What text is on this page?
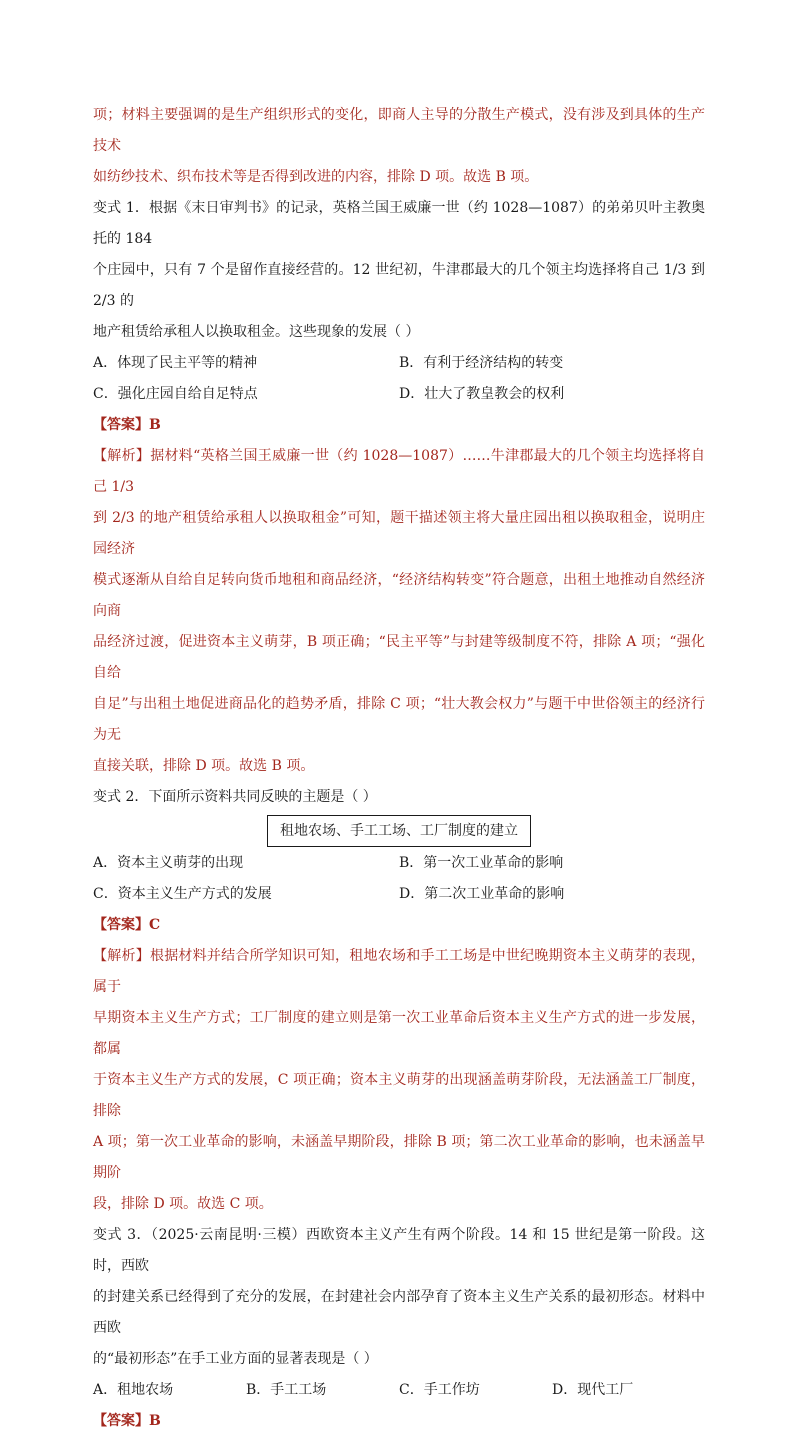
项；材料主要强调的是生产组织形式的变化，即商人主导的分散生产模式，没有涉及到具体的生产技术

如纺纱技术、织布技术等是否得到改进的内容，排除 D 项。故选 B 项。

变式 1．根据《末日审判书》的记录，英格兰国王威廉一世（约 1028—1087）的弟弟贝叶主教奥托的 184

个庄园中，只有 7 个是留作直接经营的。12 世纪初，牛津郡最大的几个领主均选择将自己 1/3 到 2/3 的

地产租赁给承租人以换取租金。这些现象的发展（ ）

A．体现了民主平等的精神	B．有利于经济结构的转变
C．强化庄园自给自足特点	D．壮大了教皇教会的权利

【答案】B

【解析】据材料“英格兰国王威廉一世（约 1028—1087）……牛津郡最大的几个领主均选择将自己 1/3

到 2/3 的地产租赁给承租人以换取租金”可知，题干描述领主将大量庄园出租以换取租金，说明庄园经济

模式逐渐从自给自足转向货币地租和商品经济，“经济结构转变”符合题意，出租土地推动自然经济向商

品经济过渡，促进资本主义萌芽，B 项正确；“民主平等”与封建等级制度不符，排除 A 项；“强化自给

自足”与出租土地促进商品化的趋势矛盾，排除 C 项；“壮大教会权力”与题干中世俗领主的经济行为无

直接关联，排除 D 项。故选 B 项。

变式 2．下面所示资料共同反映的主题是（ ）

租地农场、手工工场、工厂制度的建立
A．资本主义萌芽的出现	B．第一次工业革命的影响
C．资本主义生产方式的发展	D．第二次工业革命的影响

【答案】C

【解析】根据材料并结合所学知识可知，租地农场和手工工场是中世纪晚期资本主义萌芽的表现，属于

早期资本主义生产方式；工厂制度的建立则是第一次工业革命后资本主义生产方式的进一步发展，都属

于资本主义生产方式的发展，C 项正确；资本主义萌芽的出现涵盖萌芽阶段，无法涵盖工厂制度，排除

A 项；第一次工业革命的影响，未涵盖早期阶段，排除 B 项；第二次工业革命的影响，也未涵盖早期阶

段，排除 D 项。故选 C 项。

变式 3．（2025·云南昆明·三模）西欧资本主义产生有两个阶段。14 和 15 世纪是第一阶段。这时，西欧

的封建关系已经得到了充分的发展，在封建社会内部孕育了资本主义生产关系的最初形态。材料中西欧

的“最初形态”在手工业方面的显著表现是（ ）

A．租地农场	B．手工工场	C．手工作坊	D．现代工厂

【答案】B
